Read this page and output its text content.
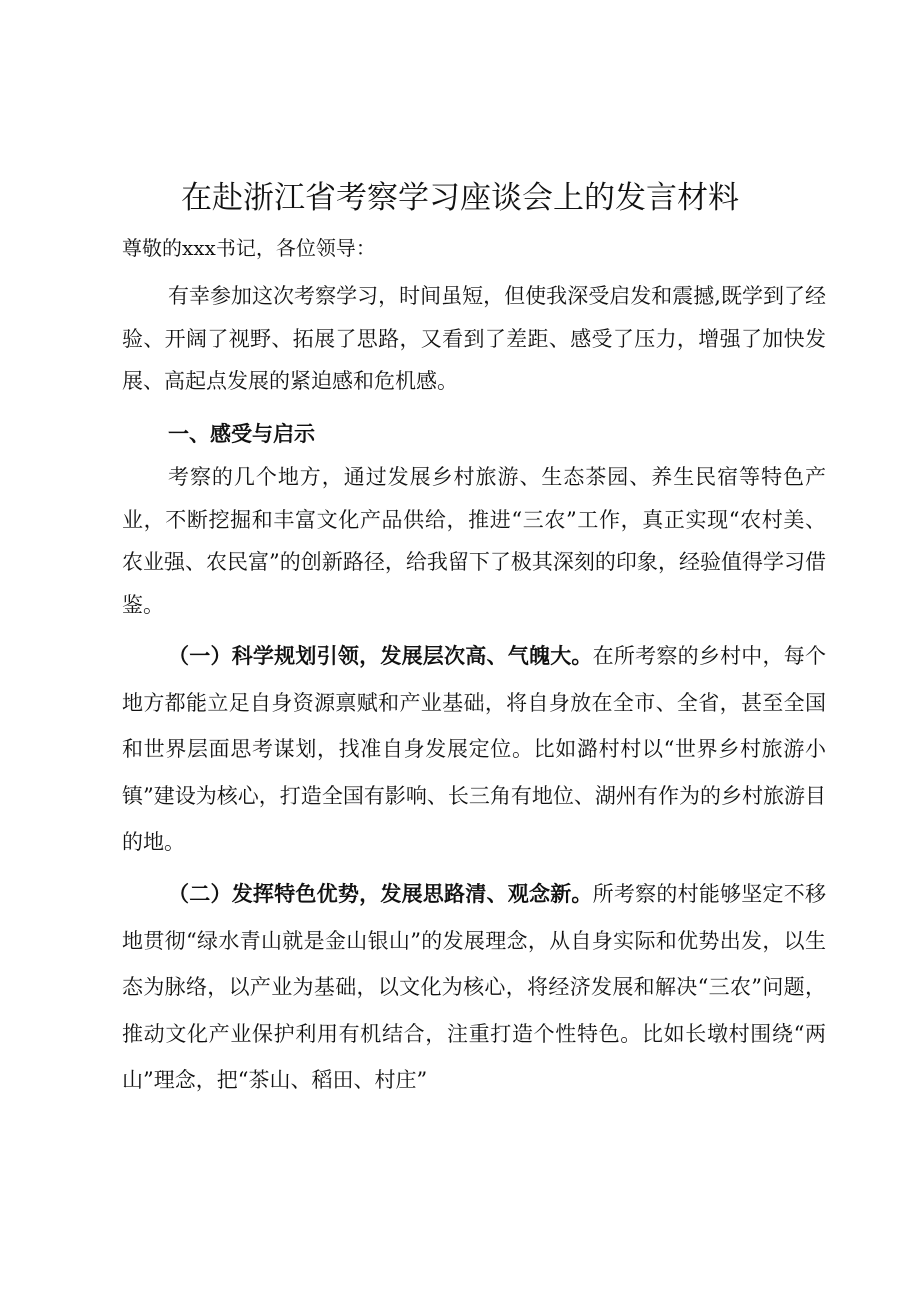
在赴浙江省考察学习座谈会上的发言材料

尊敬的xxx书记，各位领导：

有幸参加这次考察学习，时间虽短，但使我深受启发和震撼,既学到了经验、开阔了视野、拓展了思路，又看到了差距、感受了压力，增强了加快发展、高起点发展的紧迫感和危机感。

一、感受与启示

考察的几个地方，通过发展乡村旅游、生态茶园、养生民宿等特色产业，不断挖掘和丰富文化产品供给，推进“三农”工作，真正实现“农村美、农业强、农民富”的创新路径，给我留下了极其深刻的印象，经验值得学习借鉴。

（一）科学规划引领，发展层次高、气魄大。在所考察的乡村中，每个地方都能立足自身资源禀赋和产业基础，将自身放在全市、全省，甚至全国和世界层面思考谋划，找准自身发展定位。比如潞村村以“世界乡村旅游小镇”建设为核心，打造全国有影响、长三角有地位、湖州有作为的乡村旅游目的地。

（二）发挥特色优势，发展思路清、观念新。所考察的村能够坚定不移地贯彻“绿水青山就是金山银山”的发展理念，从自身实际和优势出发，以生态为脉络，以产业为基础，以文化为核心，将经济发展和解决“三农”问题，推动文化产业保护利用有机结合，注重打造个性特色。比如长墩村围绕“两山”理念，把“茶山、稻田、村庄”
